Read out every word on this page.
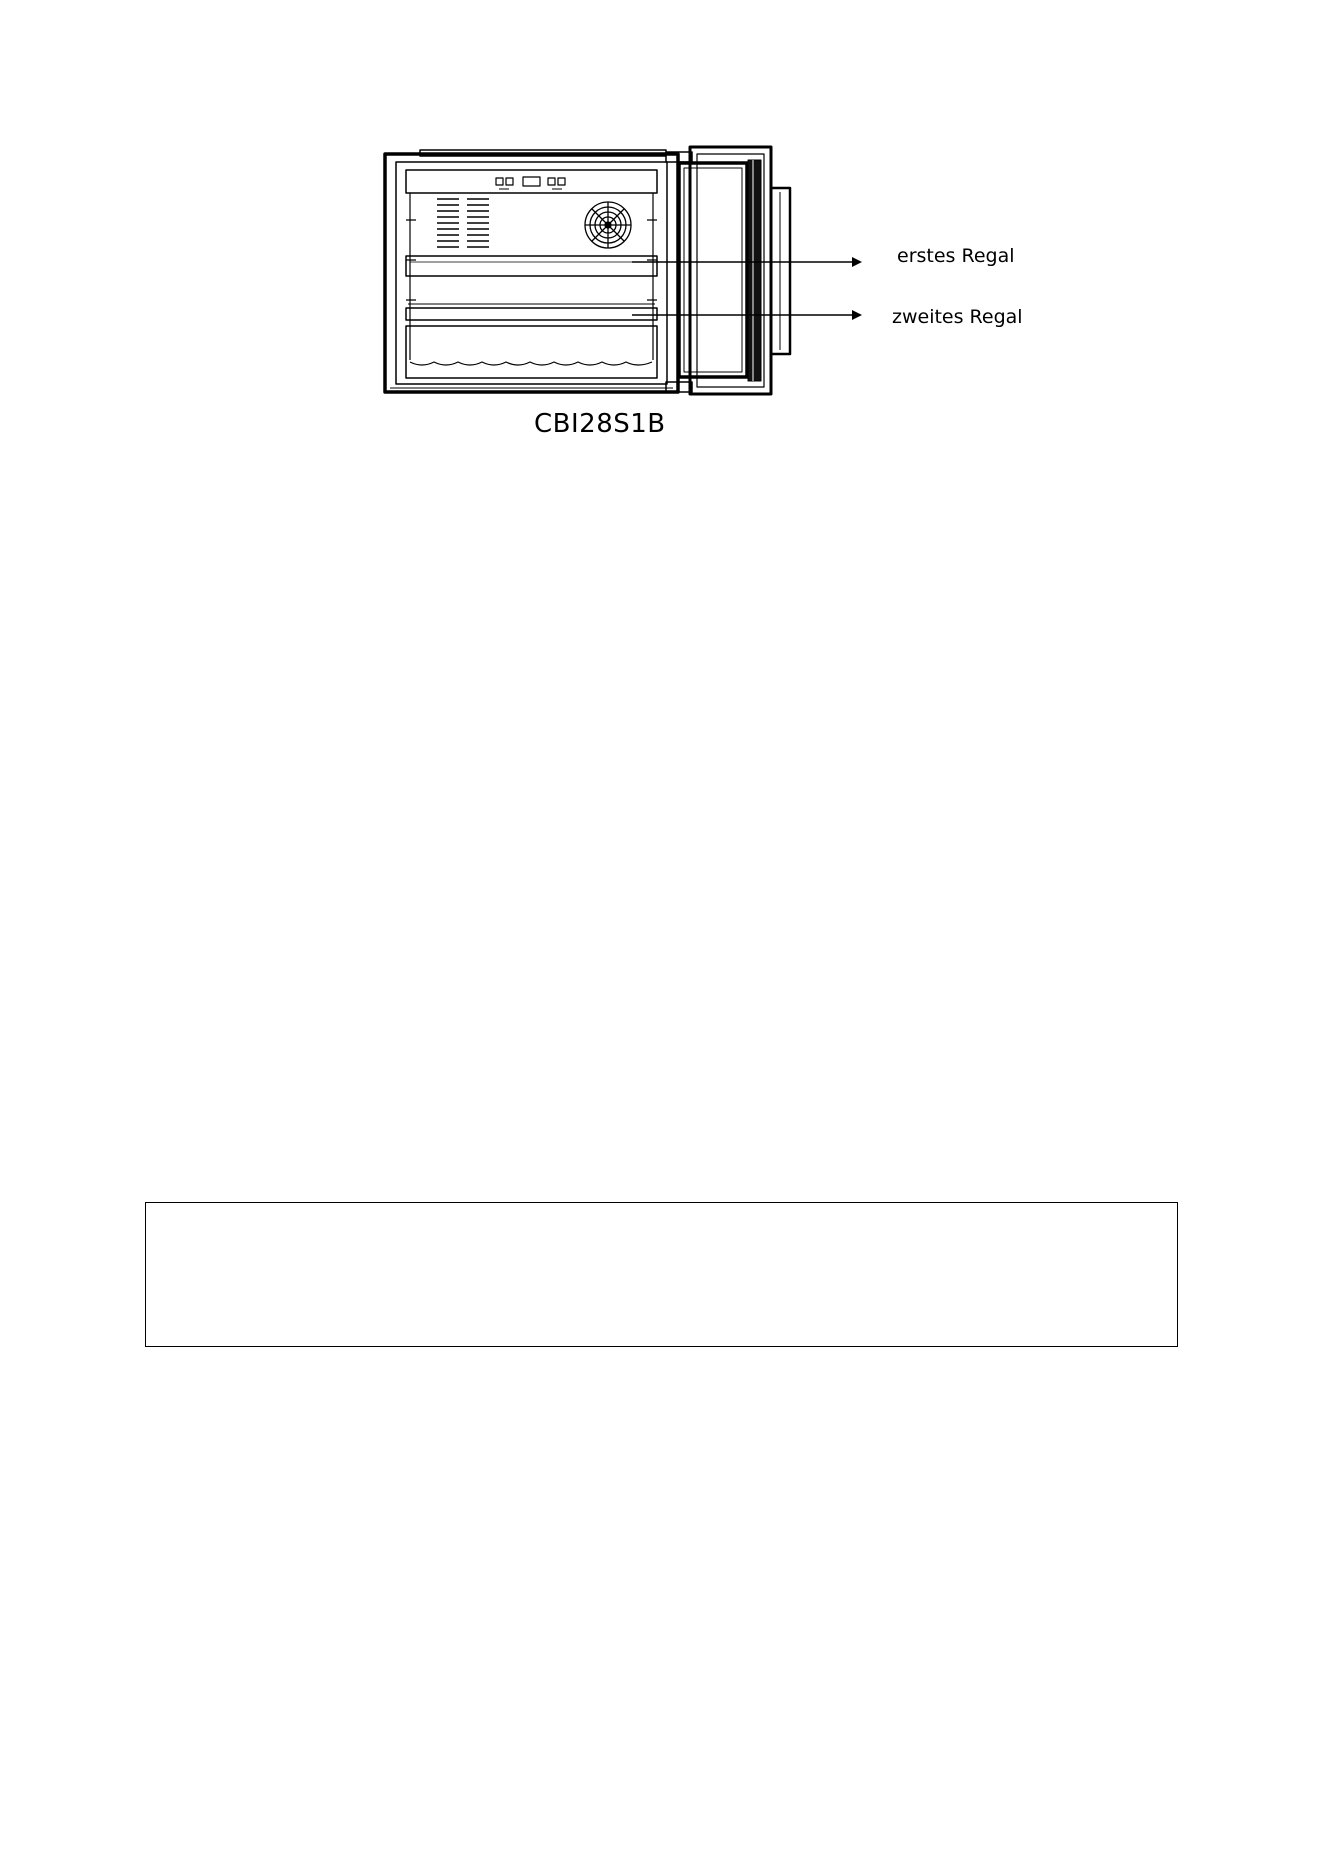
erstes Regal
zweites Regal
CBI28S1B
